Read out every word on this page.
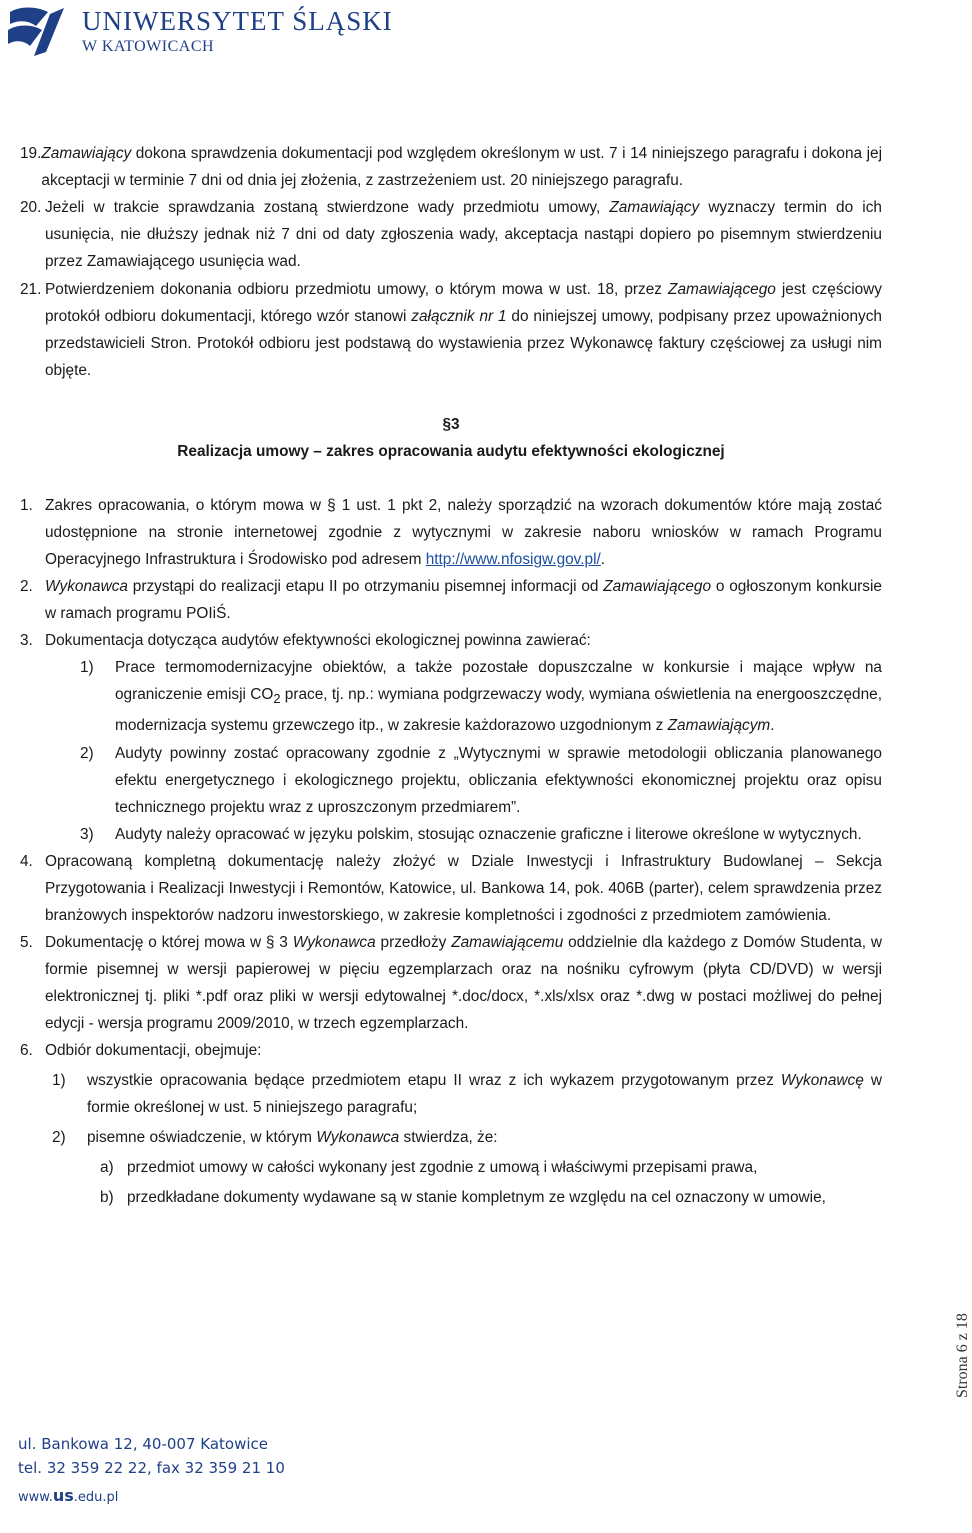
UNIWERSYTET ŚLĄSKI
W KATOWICACH
19. Zamawiający dokona sprawdzenia dokumentacji pod względem określonym w ust. 7 i 14 niniejszego paragrafu i dokona jej akceptacji w terminie 7 dni od dnia jej złożenia, z zastrzeżeniem ust. 20 niniejszego paragrafu.
20. Jeżeli w trakcie sprawdzania zostaną stwierdzone wady przedmiotu umowy, Zamawiający wyznaczy termin do ich usunięcia, nie dłuższy jednak niż 7 dni od daty zgłoszenia wady, akceptacja nastąpi dopiero po pisemnym stwierdzeniu przez Zamawiającego usunięcia wad.
21. Potwierdzeniem dokonania odbioru przedmiotu umowy, o którym mowa w ust. 18, przez Zamawiającego jest częściowy protokół odbioru dokumentacji, którego wzór stanowi załącznik nr 1 do niniejszej umowy, podpisany przez upoważnionych przedstawicieli Stron. Protokół odbioru jest podstawą do wystawienia przez Wykonawcę faktury częściowej za usługi nim objęte.
§3
Realizacja umowy – zakres opracowania audytu efektywności ekologicznej
1. Zakres opracowania, o którym mowa w § 1 ust. 1 pkt 2, należy sporządzić na wzorach dokumentów które mają zostać udostępnione na stronie internetowej zgodnie z wytycznymi w zakresie naboru wniosków w ramach Programu Operacyjnego Infrastruktura i Środowisko pod adresem http://www.nfosigw.gov.pl/.
2. Wykonawca przystąpi do realizacji etapu II po otrzymaniu pisemnej informacji od Zamawiającego o ogłoszonym konkursie w ramach programu POIiŚ.
3. Dokumentacja dotycząca audytów efektywności ekologicznej powinna zawierać:
1)	Prace termomodernizacyjne obiektów, a także pozostałe dopuszczalne w konkursie i mające wpływ na ograniczenie emisji $CO_2$ prace, tj. np.: wymiana podgrzewaczy wody, wymiana oświetlenia na energooszczędne, modernizacja systemu grzewczego itp., w zakresie każdorazowo uzgodnionym z Zamawiającym.
2)	Audyty powinny zostać opracowany zgodnie z „Wytycznymi w sprawie metodologii obliczania planowanego efektu energetycznego i ekologicznego projektu, obliczania efektywności ekonomicznej projektu oraz opisu technicznego projektu wraz z uproszczonym przedmiarem”.
3)	Audyty należy opracować w języku polskim, stosując oznaczenie graficzne i literowe określone w wytycznych.
4. Opracowaną kompletną dokumentację należy złożyć w Dziale Inwestycji i Infrastruktury Budowlanej – Sekcja Przygotowania i Realizacji Inwestycji i Remontów, Katowice, ul. Bankowa 14, pok. 406B (parter), celem sprawdzenia przez branżowych inspektorów nadzoru inwestorskiego, w zakresie kompletności i zgodności z przedmiotem zamówienia.
5. Dokumentację o której mowa w § 3 Wykonawca przedłoży Zamawiającemu oddzielnie dla każdego z Domów Studenta, w formie pisemnej w wersji papierowej w pięciu egzemplarzach oraz na nośniku cyfrowym (płyta CD/DVD) w wersji elektronicznej tj. pliki *.pdf oraz pliki w wersji edytowalnej *.doc/docx, *.xls/xlsx oraz *.dwg w postaci możliwej do pełnej edycji - wersja programu 2009/2010, w trzech egzemplarzach.
6. Odbiór dokumentacji, obejmuje:
1)	wszystkie opracowania będące przedmiotem etapu II wraz z ich wykazem przygotowanym przez Wykonawcę w formie określonej w ust. 5 niniejszego paragrafu;
2)	pisemne oświadczenie, w którym Wykonawca stwierdza, że:
a) przedmiot umowy w całości wykonany jest zgodnie z umową i właściwymi przepisami prawa,
b) przedkładane dokumenty wydawane są w stanie kompletnym ze względu na cel oznaczony w umowie,
Strona 6 z 18
ul. Bankowa 12, 40-007 Katowice
tel. 32 359 22 22, fax 32 359 21 10
www.us.edu.pl
